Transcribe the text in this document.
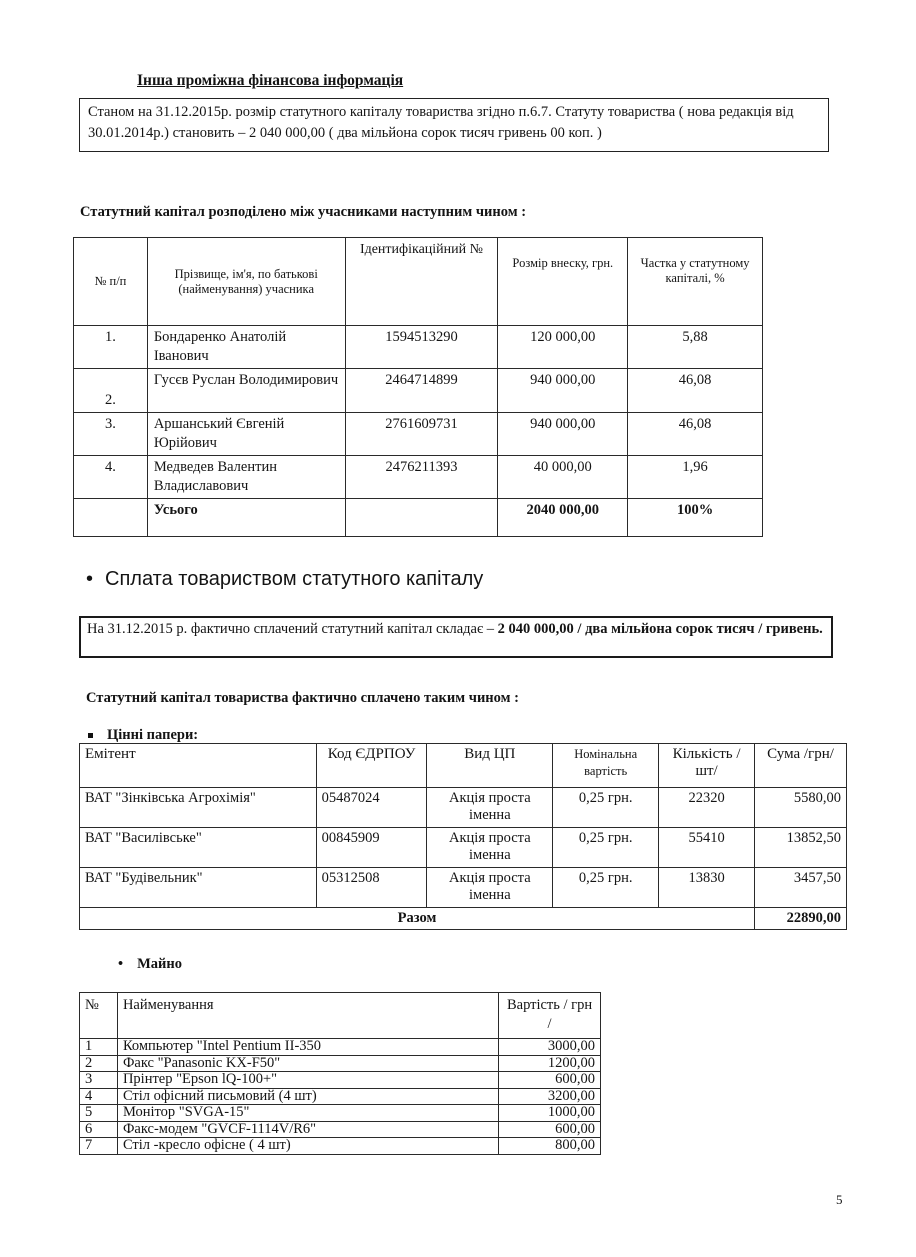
Інша проміжна фінансова інформація
Станом на 31.12.2015р. розмір статутного капіталу товариства згідно п.6.7. Статуту товариства ( нова редакція від 30.01.2014р.) становить – 2 040 000,00 ( два мільйона сорок тисяч гривень 00 коп. )
Статутний капітал розподілено між учасниками наступним чином :
№ п/п	Прізвище, ім'я, по батькові (найменування) учасника	Ідентифікаційний №	Розмір внеску, грн.	Частка у статутному капіталі, %
1.	Бондаренко Анатолій Іванович	1594513290	120 000,00	5,88
2.	Гусєв Руслан Володимирович	2464714899	940 000,00	46,08
3.	Аршанський Євгеній Юрійович	2761609731	940 000,00	46,08
4.	Медведев Валентин Владиславович	2476211393	40 000,00	1,96
	Усього		2040 000,00	100%
• Сплата товариством статутного капіталу
На 31.12.2015 р. фактично сплачений статутний капітал складає – 2 040 000,00 / два мільйона сорок тисяч / гривень.
Статутний капітал товариства фактично сплачено таким чином :
Цінні папери:
Емітент	Код ЄДРПОУ	Вид ЦП	Номінальна вартість	Кількість /шт/	Сума /грн/
ВАТ "Зінківська Агрохімія"	05487024	Акція проста іменна	0,25 грн.	22320	5580,00
ВАТ "Василівське"	00845909	Акція проста іменна	0,25 грн.	55410	13852,50
ВАТ "Будівельник"	05312508	Акція проста іменна	0,25 грн.	13830	3457,50
Разом					22890,00
• Майно
№	Найменування	Вартість / грн /
1	Компьютер "Intel Pentium II-350	3000,00
2	Факс "Panasonic KX-F50"	1200,00
3	Прінтер "Epson lQ-100+"	600,00
4	Стіл офісний письмовий (4 шт)	3200,00
5	Монітор "SVGA-15"	1000,00
6	Факс-модем "GVCF-1114V/R6"	600,00
7	Стіл -кресло офісне ( 4 шт)	800,00
5
